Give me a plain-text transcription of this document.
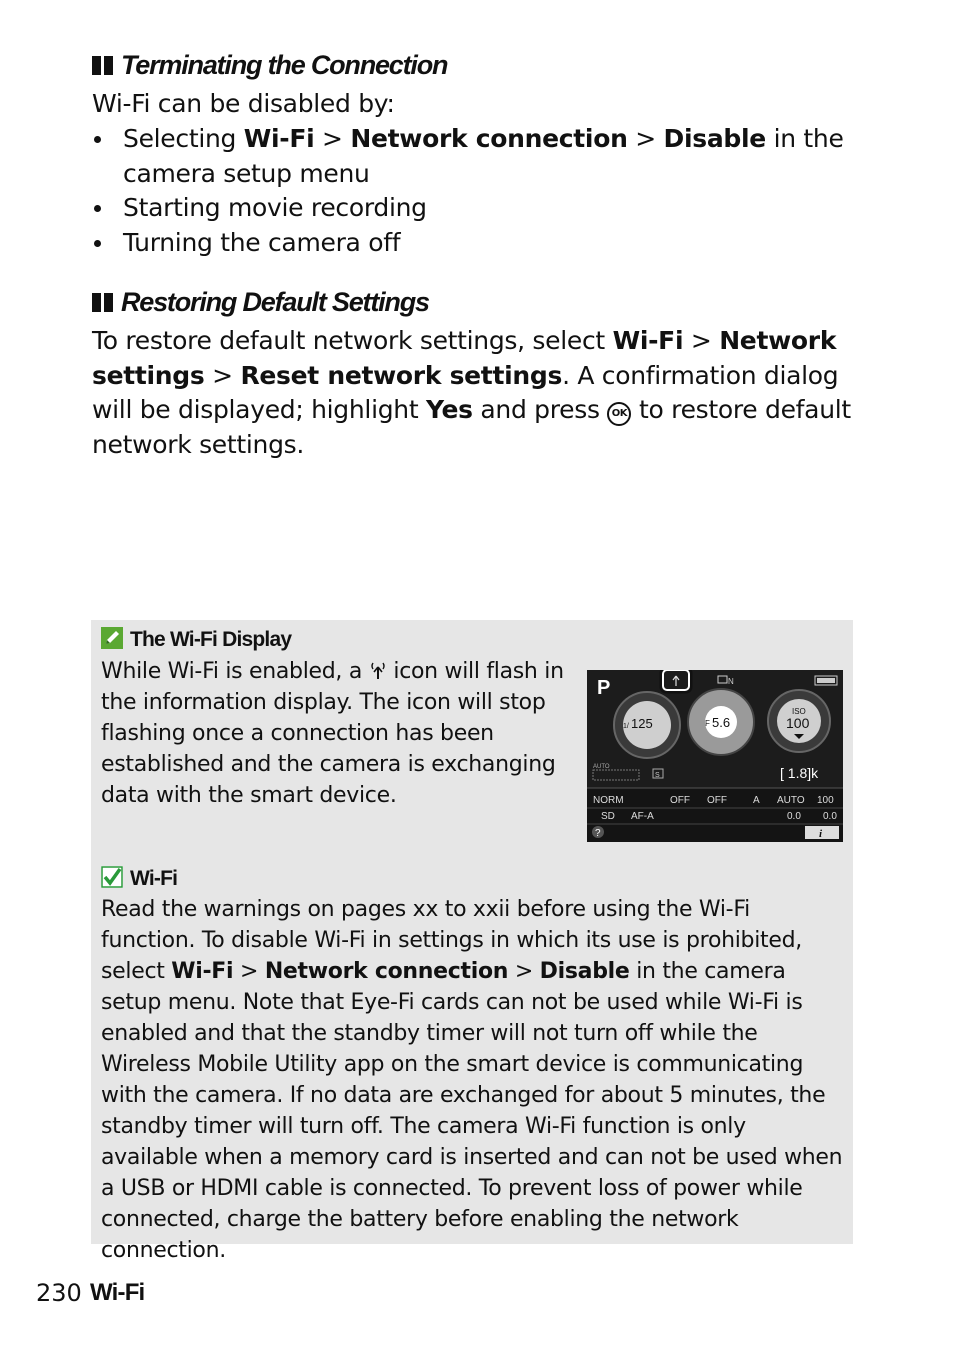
Terminating the Connection
Wi-Fi can be disabled by:
Selecting Wi-Fi > Network connection > Disable in the camera setup menu
Starting movie recording
Turning the camera off
Restoring Default Settings
To restore default network settings, select Wi-Fi > Network settings > Reset network settings. A confirmation dialog will be displayed; highlight Yes and press OK to restore default network settings.
The Wi-Fi Display
While Wi-Fi is enabled, a  icon will flash in the information display. The icon will stop flashing once a connection has been established and the camera is exchanging data with the smart device.
P	N
1/ 125	F 5.6
ISO
100
AUTO
S	[ 1.8]k
NORM	OFF OFF	A AUTO 100
SD AF-A	0.0 0.0
?	i
Wi-Fi
Read the warnings on pages xx to xxii before using the Wi-Fi function. To disable Wi-Fi in settings in which its use is prohibited, select Wi-Fi > Network connection > Disable in the camera setup menu. Note that Eye-Fi cards can not be used while Wi-Fi is enabled and that the standby timer will not turn off while the Wireless Mobile Utility app on the smart device is communicating with the camera. If no data are exchanged for about 5 minutes, the standby timer will turn off. The camera Wi-Fi function is only available when a memory card is inserted and can not be used when a USB or HDMI cable is connected. To prevent loss of power while connected, charge the battery before enabling the network connection.
230 Wi-Fi
